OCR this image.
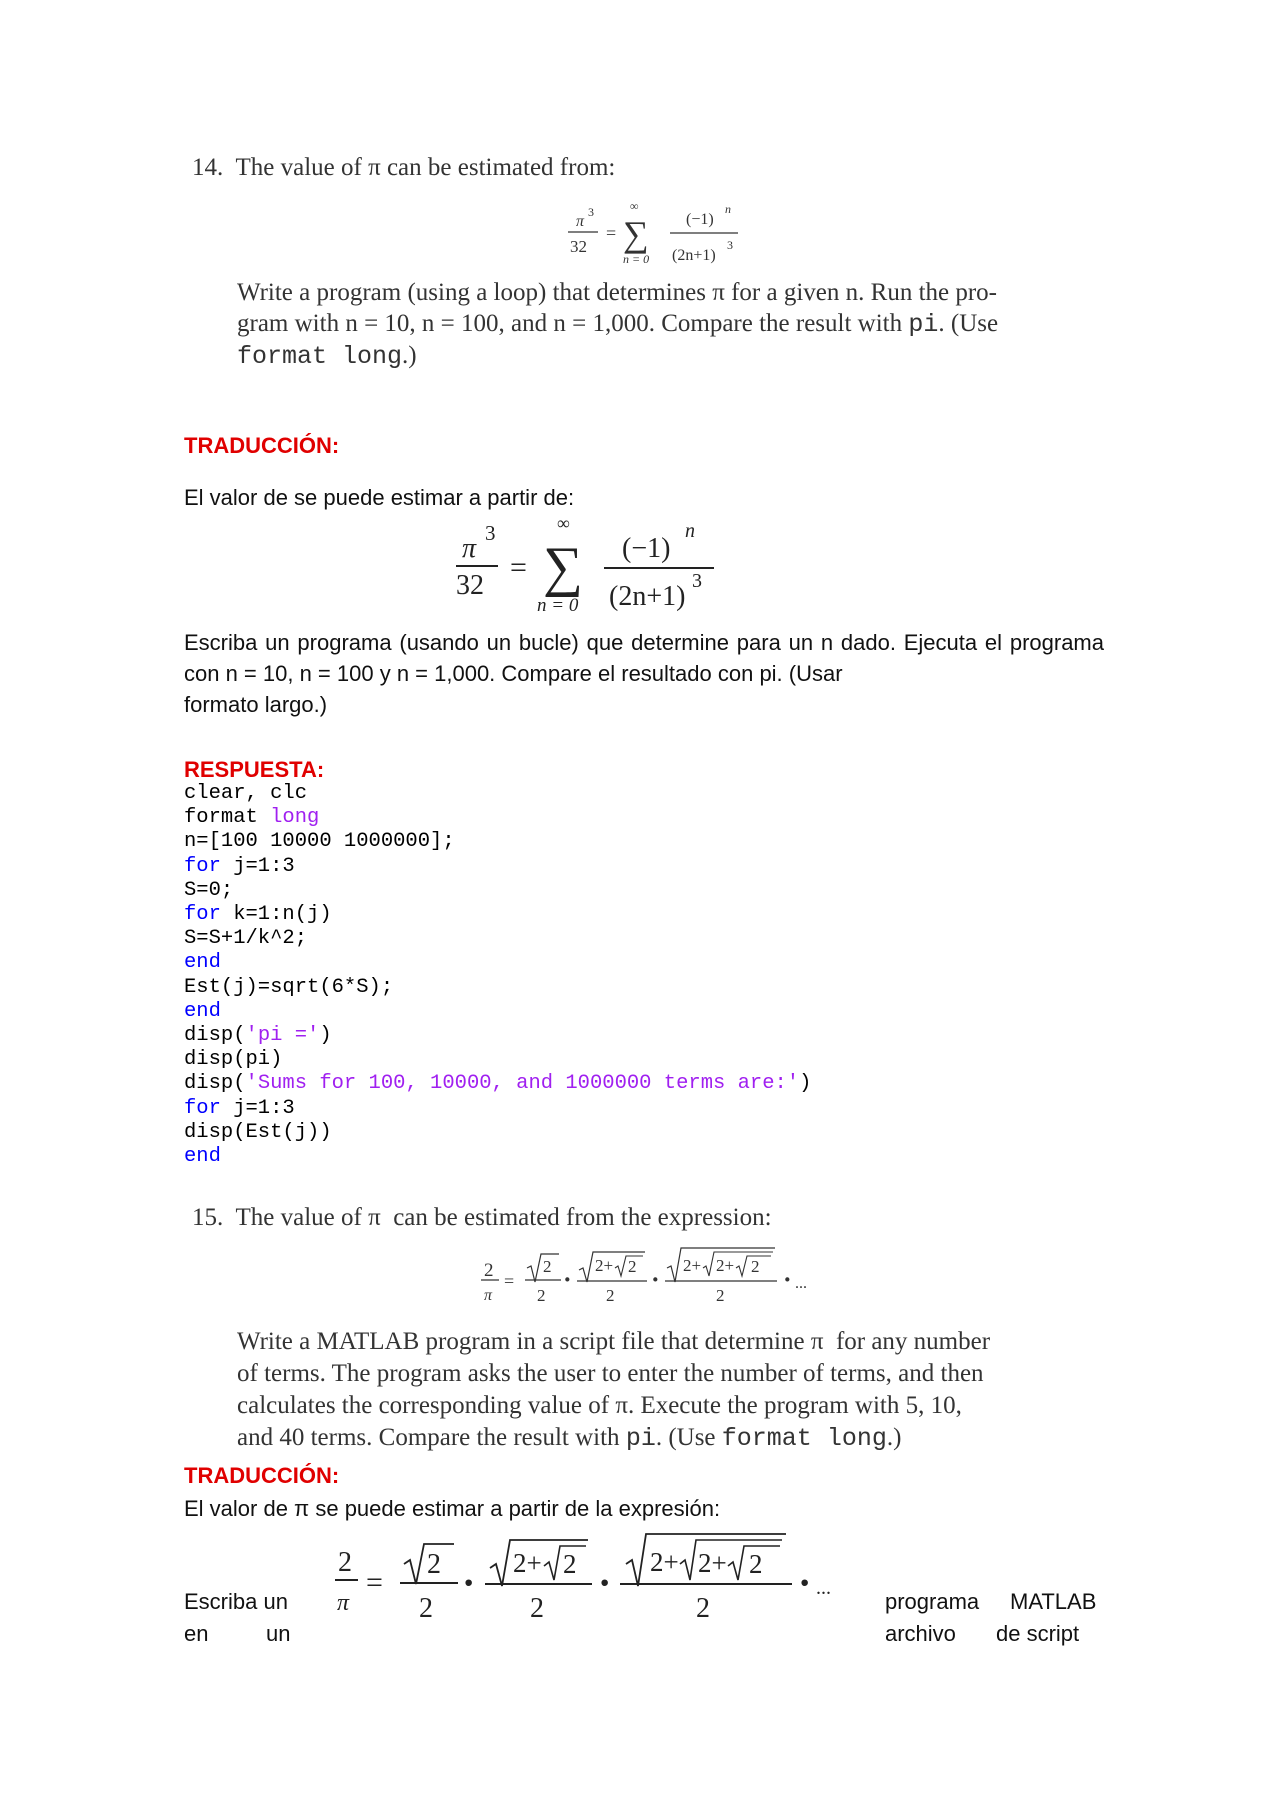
14. The value of π can be estimated from:
π
3
32
=
∞
∑
n = 0
(−1)
n
(2n+1)
3
Write a program (using a loop) that determines π for a given n. Run the pro-
gram with n = 10, n = 100, and n = 1,000. Compare the result with pi. (Use
format long.)
TRADUCCIÓN:
El valor de se puede estimar a partir de:
π 3
32
=
∞
∑
n = 0
(−1)
n
(2n+1) 3
Escriba un programa (usando un bucle) que determine para un n dado. Ejecuta el programa con n = 10, n = 100 y n = 1,000. Compare el resultado con pi. (Usar
formato largo.)
RESPUESTA:
clear, clc
format long
n=[100 10000 1000000];
for j=1:3
S=0;
for k=1:n(j)
S=S+1/k^2;
end
Est(j)=sqrt(6*S);
end
disp('pi =')
disp(pi)
disp('Sums for 100, 10000, and 1000000 terms are:')
for j=1:3
disp(Est(j))
end
15. The value of π  can be estimated from the expression:
2
π
=
2
2
· 2+ 2
2
· 2+ 2+ 2
2
· ...
Write a MATLAB program in a script file that determine π  for any number
of terms. The program asks the user to enter the number of terms, and then
calculates the corresponding value of π. Execute the program with 5, 10,
and 40 terms. Compare the result with pi. (Use format long.)
TRADUCCIÓN:
El valor de π se puede estimar a partir de la expresión:
2
π
=
2
2
· 2+ 2
2
· 2+ 2+ 2
2
· ...
Escriba un
en	un
programa MATLAB
archivo de script
